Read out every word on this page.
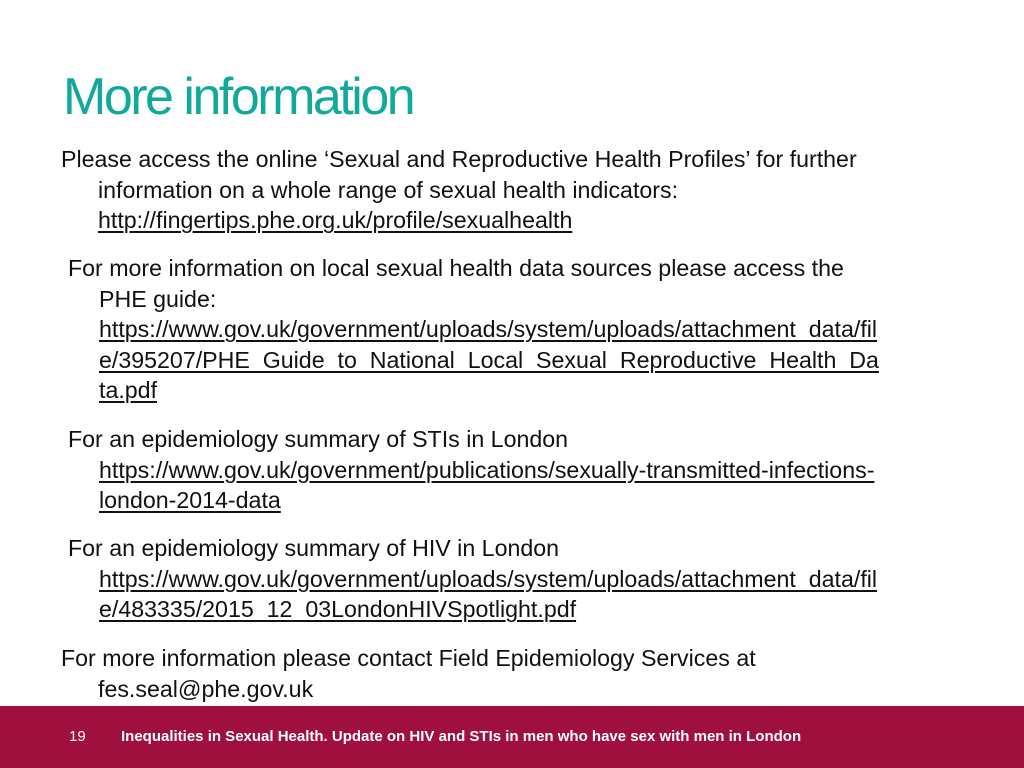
More information
Please access the online ‘Sexual and Reproductive Health Profiles’ for further
information on a whole range of sexual health indicators:
http://fingertips.phe.org.uk/profile/sexualhealth
For more information on local sexual health data sources please access the
PHE guide:
https://www.gov.uk/government/uploads/system/uploads/attachment_data/fil
e/395207/PHE_Guide_to_National_Local_Sexual_Reproductive_Health_Da
ta.pdf
For an epidemiology summary of STIs in London
https://www.gov.uk/government/publications/sexually-transmitted-infections-
london-2014-data
For an epidemiology summary of HIV in London
https://www.gov.uk/government/uploads/system/uploads/attachment_data/fil
e/483335/2015_12_03LondonHIVSpotlight.pdf
For more information please contact Field Epidemiology Services at
fes.seal@phe.gov.uk
19 Inequalities in Sexual Health. Update on HIV and STIs in men who have sex with men in London
